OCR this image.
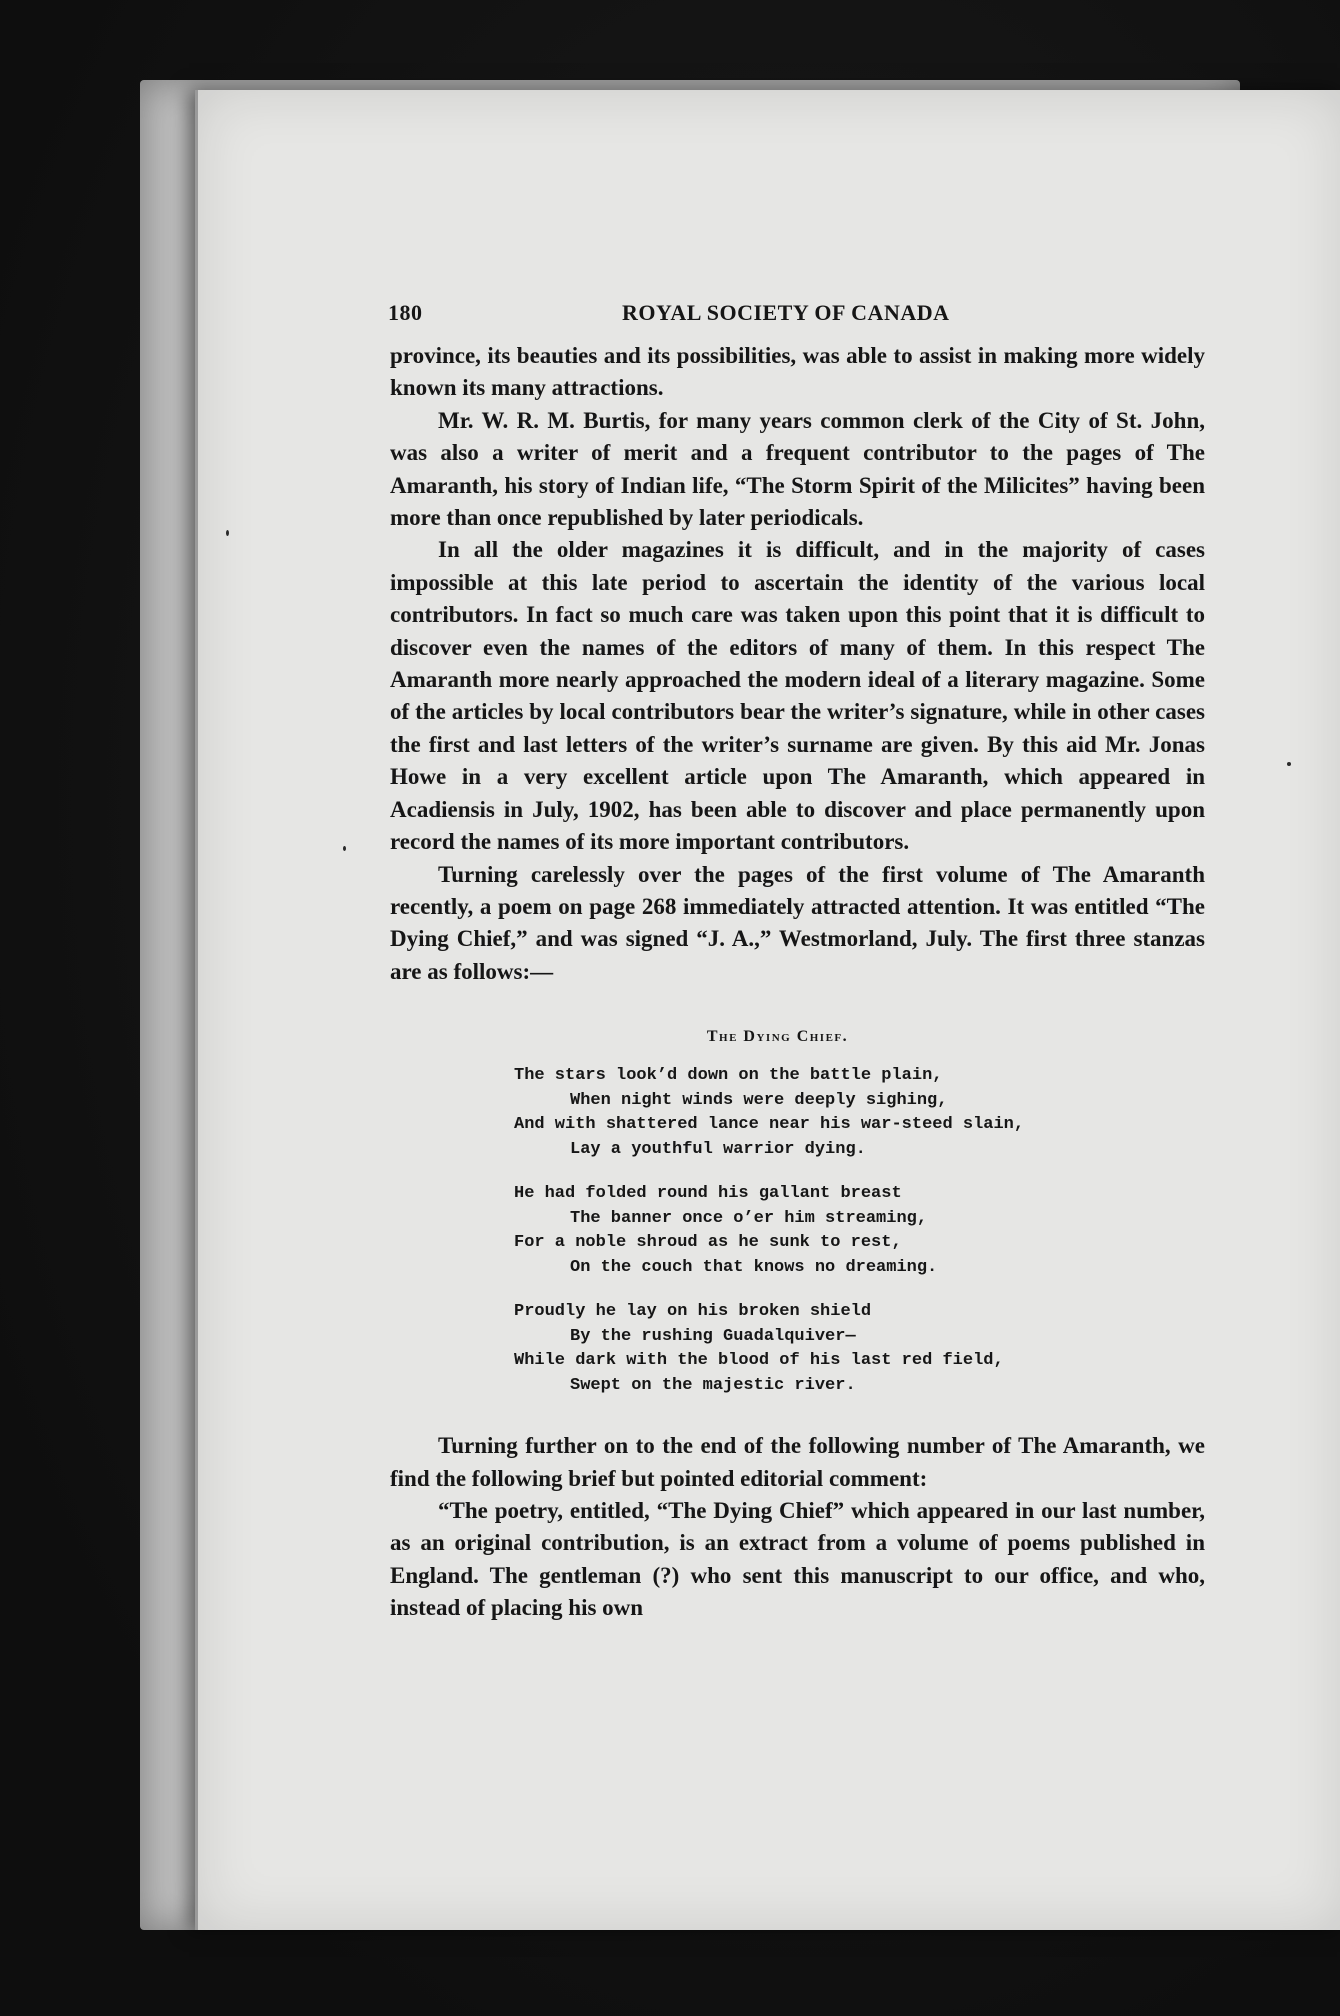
180	ROYAL SOCIETY OF CANADA

province, its beauties and its possibilities, was able to assist in making more widely known its many attractions.

Mr. W. R. M. Burtis, for many years common clerk of the City of St. John, was also a writer of merit and a frequent contributor to the pages of The Amaranth, his story of Indian life, “The Storm Spirit of the Milicites” having been more than once republished by later periodicals.

In all the older magazines it is difficult, and in the majority of cases impossible at this late period to ascertain the identity of the various local contributors. In fact so much care was taken upon this point that it is difficult to discover even the names of the editors of many of them. In this respect The Amaranth more nearly approached the modern ideal of a literary magazine. Some of the articles by local contributors bear the writer’s signature, while in other cases the first and last letters of the writer’s surname are given. By this aid Mr. Jonas Howe in a very excellent article upon The Amaranth, which appeared in Acadiensis in July, 1902, has been able to discover and place permanently upon record the names of its more important contributors.

Turning carelessly over the pages of the first volume of The Amaranth recently, a poem on page 268 immediately attracted attention. It was entitled “The Dying Chief,” and was signed “J. A.,” Westmorland, July. The first three stanzas are as follows:—

The Dying Chief.
The stars look’d down on the battle plain,
When night winds were deeply sighing,
And with shattered lance near his war-steed slain,
Lay a youthful warrior dying.
He had folded round his gallant breast
The banner once o’er him streaming,
For a noble shroud as he sunk to rest,
On the couch that knows no dreaming.
Proudly he lay on his broken shield
By the rushing Guadalquiver—
While dark with the blood of his last red field,
Swept on the majestic river.

Turning further on to the end of the following number of The Amaranth, we find the following brief but pointed editorial comment:

“The poetry, entitled, “The Dying Chief” which appeared in our last number, as an original contribution, is an extract from a volume of poems published in England. The gentleman (?) who sent this manuscript to our office, and who, instead of placing his own
